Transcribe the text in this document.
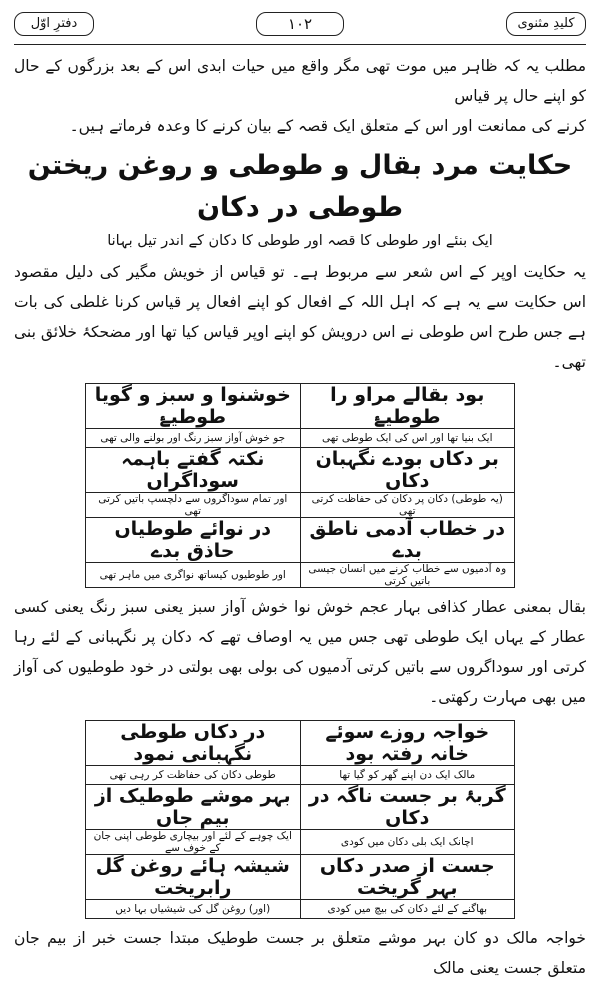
کلیدِ مثنوی
۱۰۲
دفترِ اوّل

مطلب یہ کہ ظاہر میں موت تھی مگر واقع میں حیات ابدی اس کے بعد بزرگوں کے حال کو اپنے حال پر قیاس

کرنے کی ممانعت اور اس کے متعلق ایک قصہ کے بیان کرنے کا وعدہ فرماتے ہیں۔

حکایت مرد بقال و طوطی و روغن ریختن طوطی در دکان
ایک بنئے اور طوطی کا قصہ اور طوطی کا دکان کے اندر تیل بہانا

یہ حکایت اوپر کے اس شعر سے مربوط ہے۔ تو قیاس از خویش مگیر کی دلیل مقصود اس حکایت سے یہ ہے کہ اہل اللہ کے افعال کو اپنے افعال پر قیاس کرنا غلطی کی بات ہے جس طرح اس طوطی نے اس درویش کو اپنے اوپر قیاس کیا تھا اور مضحکۂ خلائق بنی تھی۔

بود بقالے مراو را طوطیۓ	خوشنوا و سبز و گویا طوطیۓ
ایک بنیا تھا اور اس کی ایک طوطی تھی	جو خوش آواز سبز رنگ اور بولنے والی تھی
بر دکاں بودے نگہبان دکاں	نکتہ گفتے باہمہ سوداگراں
(یہ طوطی) دکان پر دکان کی حفاظت کرتی تھی	اور تمام سوداگروں سے دلچسپ باتیں کرتی تھی
در خطاب آدمی ناطق بدے	در نوائے طوطیاں حاذق بدے
وہ آدمیوں سے خطاب کرنے میں انسان جیسی باتیں کرتی	اور طوطیوں کیساتھ نواگری میں ماہر تھی

بقال بمعنی عطار کذافی بہار عجم خوش نوا خوش آواز سبز یعنی سبز رنگ یعنی کسی عطار کے یہاں ایک طوطی تھی جس میں یہ اوصاف تھے کہ دکان پر نگہبانی کے لئے رہا کرتی اور سوداگروں سے باتیں کرتی آدمیوں کی بولی بھی بولتی در خود طوطیوں کی آواز میں بھی مہارت رکھتی۔

خواجہ روزے سوئے خانہ رفتہ بود	در دکاں طوطی نگہبانی نمود
مالک ایک دن اپنے گھر کو گیا تھا	طوطی دکان کی حفاظت کر رہی تھی
گربۂ بر جست ناگہ در دکاں	بہر موشے طوطیک از بیم جاں
اچانک ایک بلی دکان میں کودی	ایک چوہے کے لئے اور بیچاری طوطی اپنی جان کے خوف سے
جست از صدر دکاں بہر گریخت	شیشہ ہائے روغن گل رابریخت
بھاگنے کے لئے دکان کی بیچ میں کودی	(اور) روغن گل کی شیشیاں بہا دیں

خواجہ مالک دو کان بہر موشے متعلق بر جست طوطیک مبتدا جست خبر از بیم جان متعلق جست یعنی مالک
